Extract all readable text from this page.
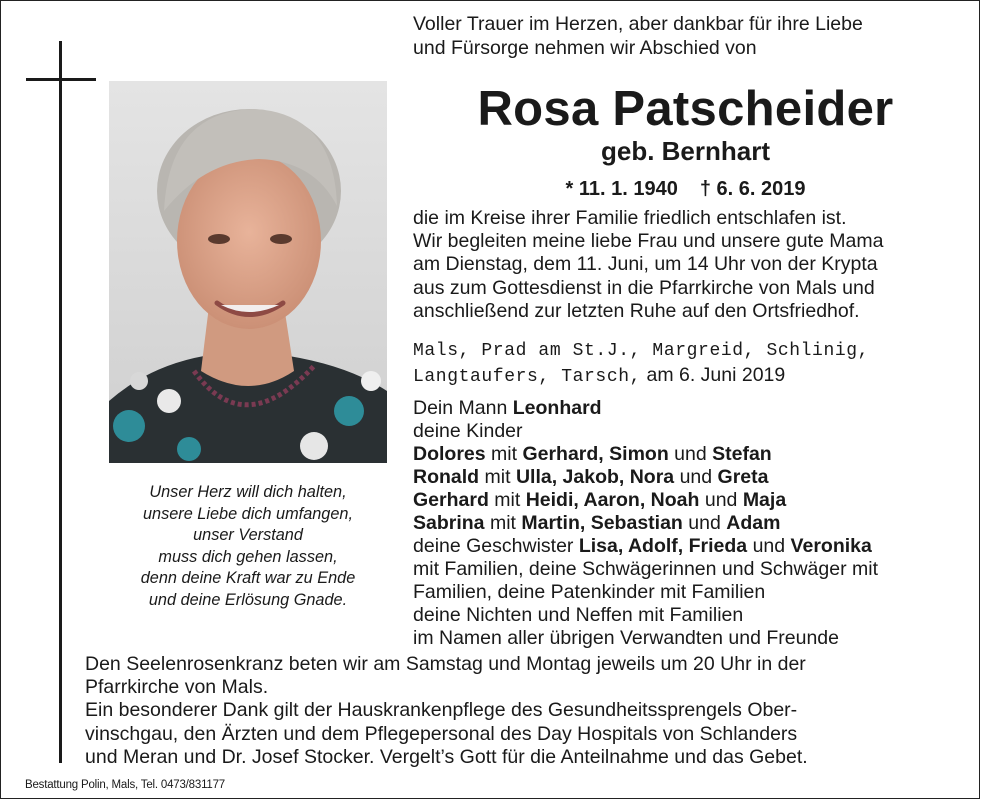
Unser Herz will dich halten,
unsere Liebe dich umfangen,
unser Verstand
muss dich gehen lassen,
denn deine Kraft war zu Ende
und deine Erlösung Gnade.
Voller Trauer im Herzen, aber dankbar für ihre Liebe
und Fürsorge nehmen wir Abschied von
Rosa Patscheider
geb. Bernhart
* 11. 1. 1940 † 6. 6. 2019
die im Kreise ihrer Familie friedlich entschlafen ist.
Wir begleiten meine liebe Frau und unsere gute Mama
am Dienstag, dem 11. Juni, um 14 Uhr von der Krypta
aus zum Gottesdienst in die Pfarrkirche von Mals und
anschließend zur letzten Ruhe auf den Ortsfriedhof.
Mals, Prad am St.J., Margreid, Schlinig,
Langtaufers, Tarsch, am 6. Juni 2019
Dein Mann Leonhard
deine Kinder
Dolores mit Gerhard, Simon und Stefan
Ronald mit Ulla, Jakob, Nora und Greta
Gerhard mit Heidi, Aaron, Noah und Maja
Sabrina mit Martin, Sebastian und Adam
deine Geschwister Lisa, Adolf, Frieda und Veronika
mit Familien, deine Schwägerinnen und Schwäger mit
Familien, deine Patenkinder mit Familien
deine Nichten und Neffen mit Familien
im Namen aller übrigen Verwandten und Freunde
Den Seelenrosenkranz beten wir am Samstag und Montag jeweils um 20 Uhr in der
Pfarrkirche von Mals.
Ein besonderer Dank gilt der Hauskrankenpflege des Gesundheitssprengels Ober-
vinschgau, den Ärzten und dem Pflegepersonal des Day Hospitals von Schlanders
und Meran und Dr. Josef Stocker. Vergelt’s Gott für die Anteilnahme und das Gebet.
Bestattung Polin, Mals, Tel. 0473/831177
